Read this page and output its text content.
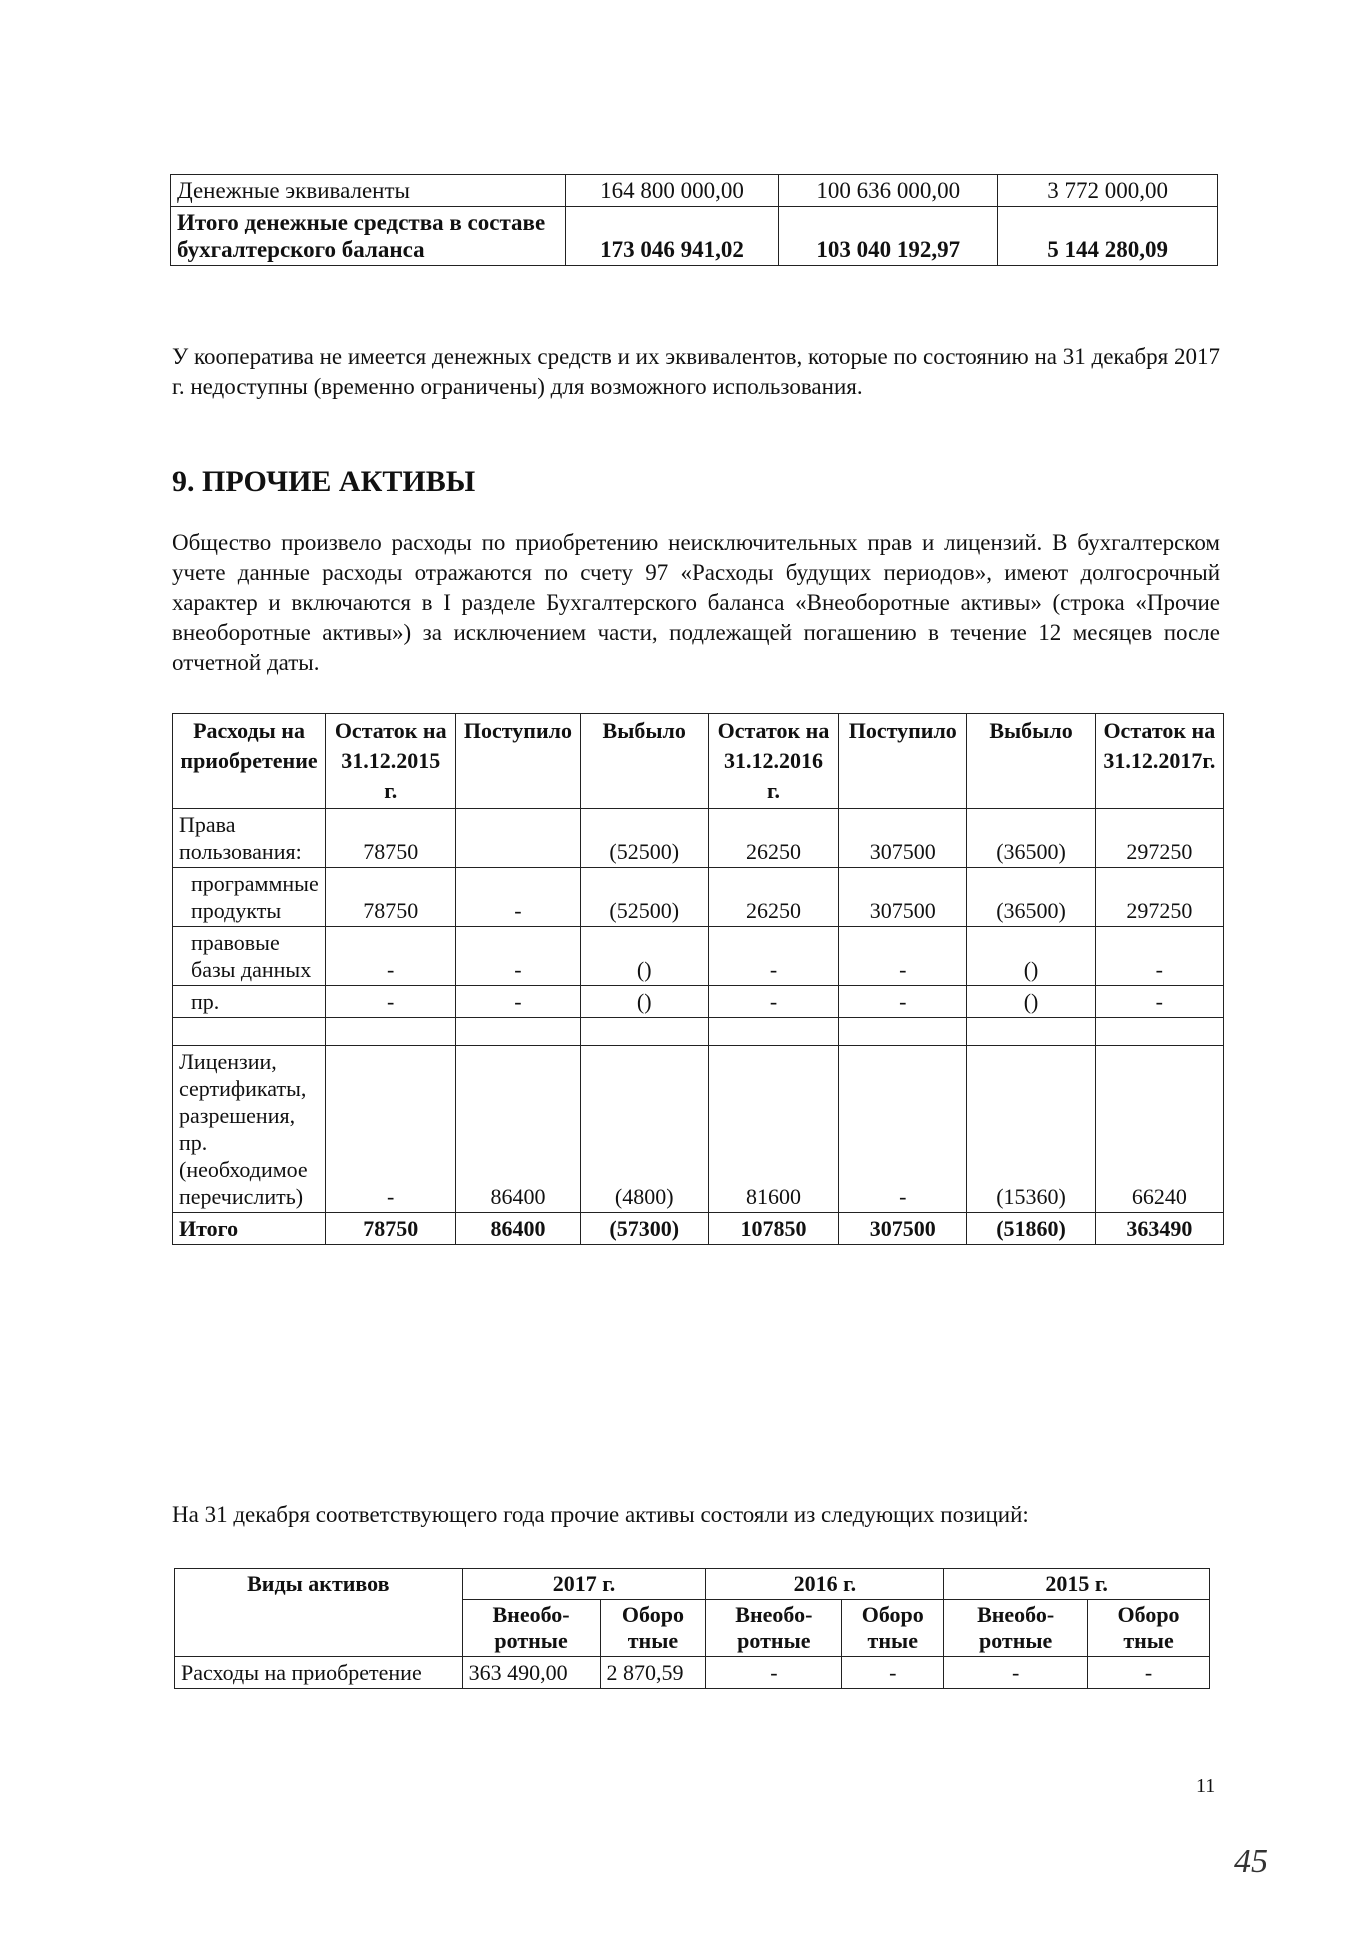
Денежные эквиваленты	164 800 000,00	100 636 000,00	3 772 000,00
Итого денежные средства в составе бухгалтерского баланса	173 046 941,02	103 040 192,97	5 144 280,09
У кооператива не имеется денежных средств и их эквивалентов, которые по состоянию на 31 декабря 2017 г. недоступны (временно ограничены) для возможного использования.
9. ПРОЧИЕ АКТИВЫ
Общество произвело расходы по приобретению неисключительных прав и лицензий. В бухгалтерском учете данные расходы отражаются по счету 97 «Расходы будущих периодов», имеют долгосрочный характер и включаются в I разделе Бухгалтерского баланса «Внеоборотные активы» (строка «Прочие внеоборотные активы») за исключением части, подлежащей погашению в течение 12 месяцев после отчетной даты.
Расходы на приобретение	Остаток на 31.12.2015 г.	Поступило	Выбыло	Остаток на 31.12.2016 г.	Поступило	Выбыло	Остаток на 31.12.2017г.
Права пользования:	78750		(52500)	26250	307500	(36500)	297250
программные продукты	78750	-	(52500)	26250	307500	(36500)	297250
правовые базы данных	-	-	()	-	-	()	-
пр.	-	-	()	-	-	()	-

Лицензии, сертификаты, разрешения, пр. (необходимое перечислить)	-	86400	(4800)	81600	-	(15360)	66240
Итого	78750	86400	(57300)	107850	307500	(51860)	363490
На 31 декабря соответствующего года прочие активы состояли из следующих позиций:
Виды активов	2017 г.		2016 г.		2015 г.	
	Внеобо-ротные	Оборо тные	Внеобо-ротные	Оборо тные	Внеобо-ротные	Оборо тные
Расходы на приобретение	363 490,00	2 870,59	-	-	-	-
11
45
